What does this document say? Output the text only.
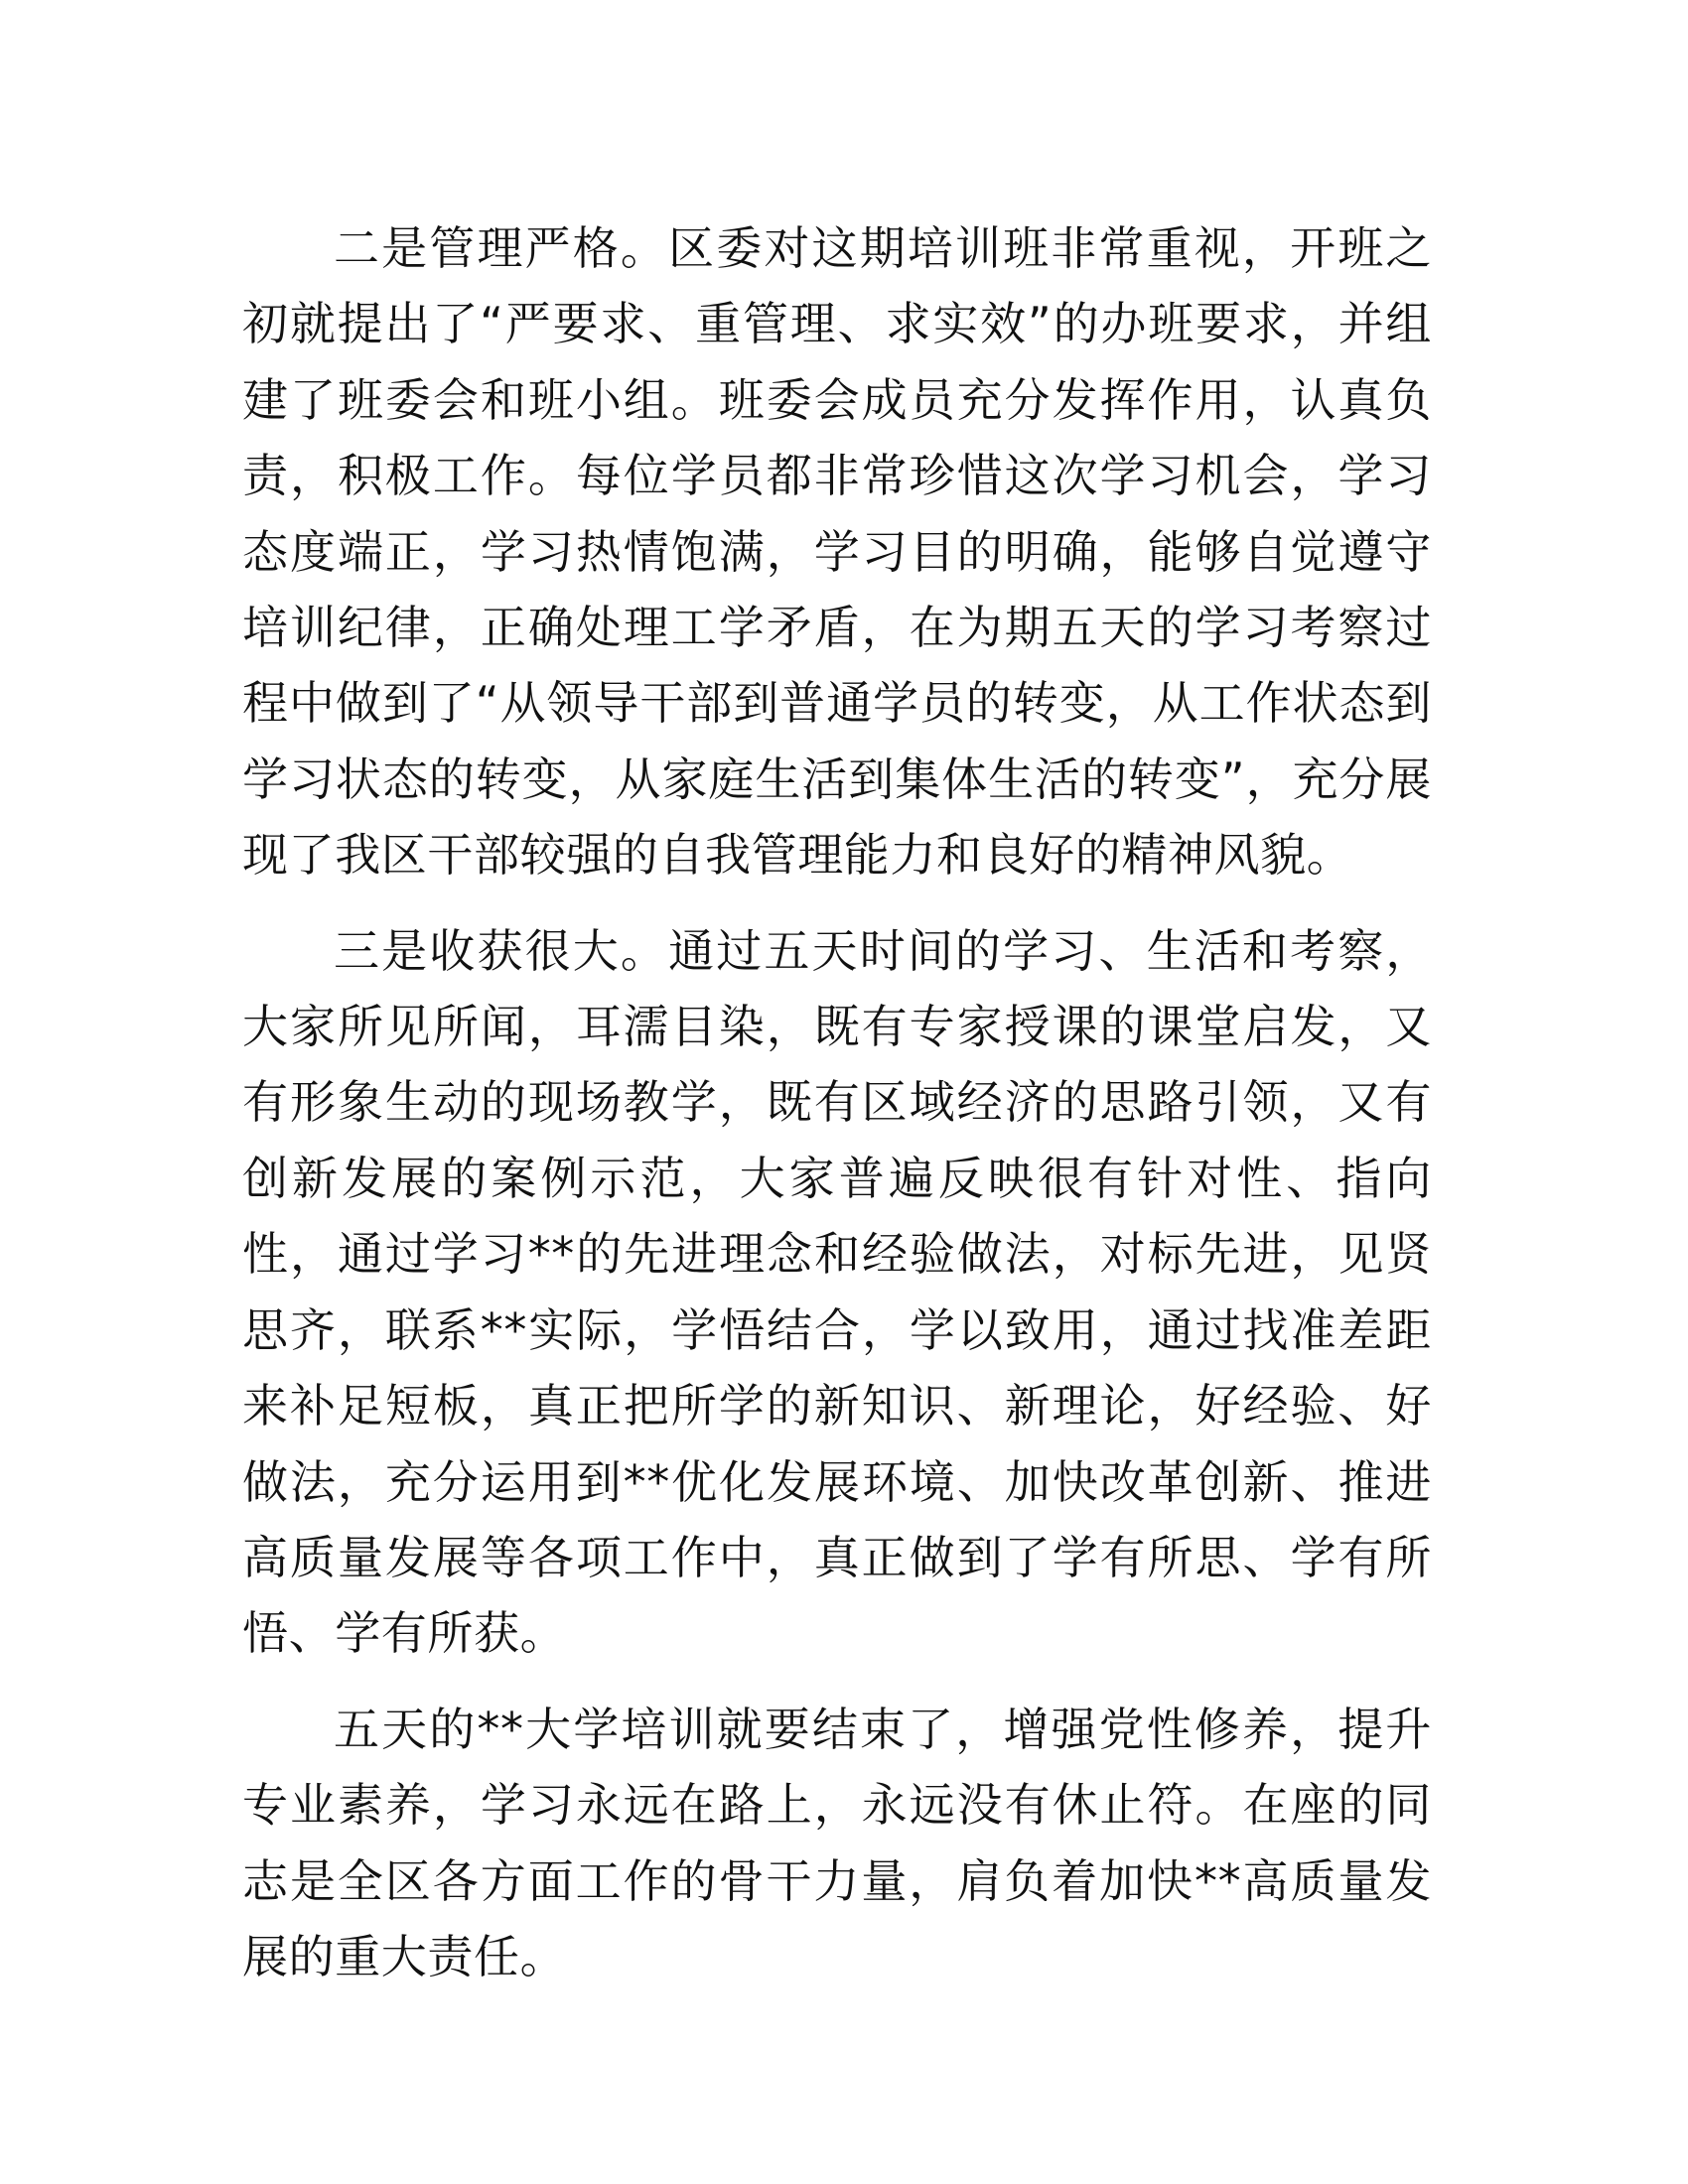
二是管理严格。区委对这期培训班非常重视，开班之初就提出了“严要求、重管理、求实效”的办班要求，并组建了班委会和班小组。班委会成员充分发挥作用，认真负责，积极工作。每位学员都非常珍惜这次学习机会，学习态度端正，学习热情饱满，学习目的明确，能够自觉遵守培训纪律，正确处理工学矛盾，在为期五天的学习考察过程中做到了“从领导干部到普通学员的转变，从工作状态到学习状态的转变，从家庭生活到集体生活的转变”，充分展现了我区干部较强的自我管理能力和良好的精神风貌。

三是收获很大。通过五天时间的学习、生活和考察，大家所见所闻，耳濡目染，既有专家授课的课堂启发，又有形象生动的现场教学，既有区域经济的思路引领，又有创新发展的案例示范，大家普遍反映很有针对性、指向性，通过学习**的先进理念和经验做法，对标先进，见贤思齐，联系**实际，学悟结合，学以致用，通过找准差距来补足短板，真正把所学的新知识、新理论，好经验、好做法，充分运用到**优化发展环境、加快改革创新、推进高质量发展等各项工作中，真正做到了学有所思、学有所悟、学有所获。

五天的**大学培训就要结束了，增强党性修养，提升专业素养，学习永远在路上，永远没有休止符。在座的同志是全区各方面工作的骨干力量，肩负着加快**高质量发展的重大责任。
